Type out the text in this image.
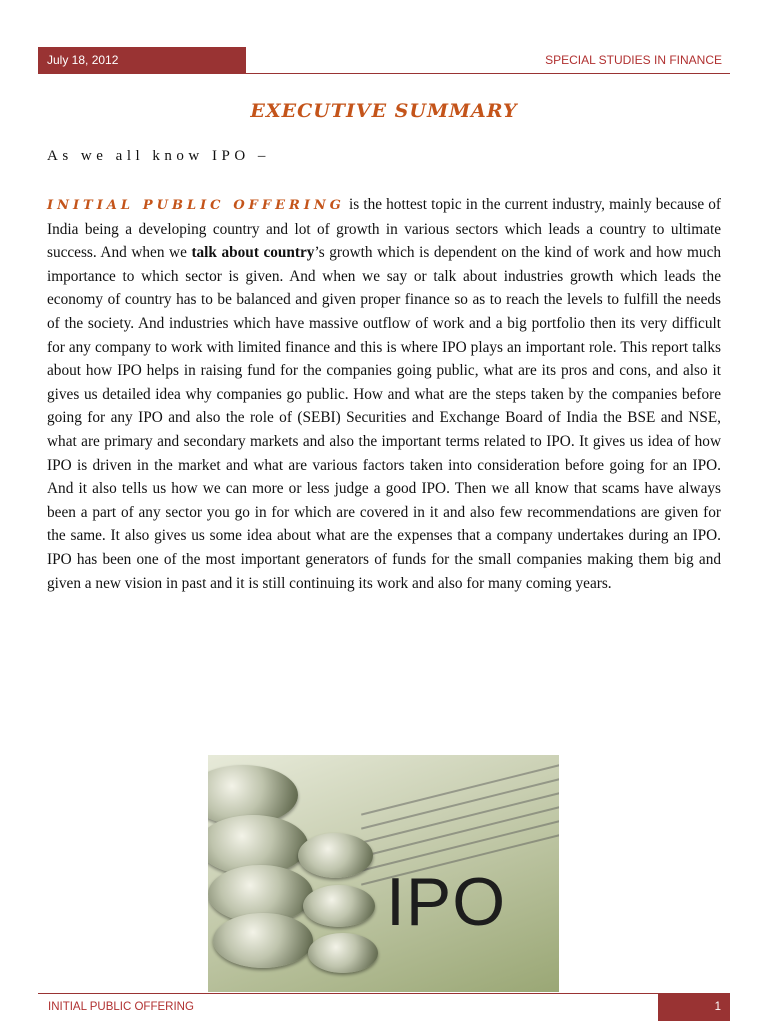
July 18, 2012	SPECIAL STUDIES IN FINANCE
EXECUTIVE SUMMARY
As we all know IPO –
INITIAL PUBLIC OFFERING is the hottest topic in the current industry, mainly because of India being a developing country and lot of growth in various sectors which leads a country to ultimate success. And when we talk about country’s growth which is dependent on the kind of work and how much importance to which sector is given. And when we say or talk about industries growth which leads the economy of country has to be balanced and given proper finance so as to reach the levels to fulfill the needs of the society. And industries which have massive outflow of work and a big portfolio then its very difficult for any company to work with limited finance and this is where IPO plays an important role. This report talks about how IPO helps in raising fund for the companies going public, what are its pros and cons, and also it gives us detailed idea why companies go public. How and what are the steps taken by the companies before going for any IPO and also the role of (SEBI) Securities and Exchange Board of India the BSE and NSE, what are primary and secondary markets and also the important terms related to IPO. It gives us idea of how IPO is driven in the market and what are various factors taken into consideration before going for an IPO. And it also tells us how we can more or less judge a good IPO. Then we all know that scams have always been a part of any sector you go in for which are covered in it and also few recommendations are given for the same. It also gives us some idea about what are the expenses that a company undertakes during an IPO. IPO has been one of the most important generators of funds for the small companies making them big and given a new vision in past and it is still continuing its work and also for many coming years.
IPO
INITIAL PUBLIC OFFERING	1
